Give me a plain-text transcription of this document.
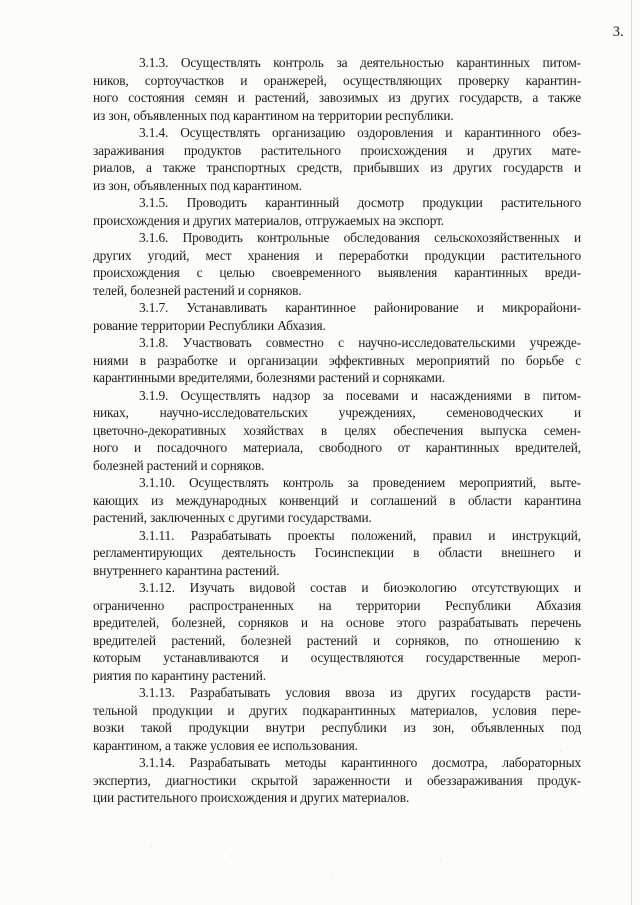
3.
3.1.3. Осуществлять контроль за деятельностью карантинных питом-
ников, сортоучастков и оранжерей, осуществляющих проверку карантин-
ного состояния семян и растений, завозимых из других государств, а также
из зон, объявленных под карантином на территории республики.
3.1.4. Осуществлять организацию оздоровления и карантинного обез-
зараживания продуктов растительного происхождения и других мате-
риалов, а также транспортных средств, прибывших из других государств и
из зон, объявленных под карантином.
3.1.5. Проводить карантинный досмотр продукции растительного
происхождения и других материалов, отгружаемых на экспорт.
3.1.6. Проводить контрольные обследования сельскохозяйственных и
других угодий, мест хранения и переработки продукции растительного
происхождения с целью своевременного выявления карантинных вреди-
телей, болезней растений и сорняков.
3.1.7. Устанавливать карантинное районирование и микрорайони-
рование территории Республики Абхазия.
3.1.8. Участвовать совместно с научно-исследовательскими учрежде-
ниями в разработке и организации эффективных мероприятий по борьбе с
карантинными вредителями, болезнями растений и сорняками.
3.1.9. Осуществлять надзор за посевами и насаждениями в питом-
никах, научно-исследовательских учреждениях, семеноводческих и
цветочно-декоративных хозяйствах в целях обеспечения выпуска семен-
ного и посадочного материала, свободного от карантинных вредителей,
болезней растений и сорняков.
3.1.10. Осуществлять контроль за проведением мероприятий, выте-
кающих из международных конвенций и соглашений в области карантина
растений, заключенных с другими государствами.
3.1.11. Разрабатывать проекты положений, правил и инструкций,
регламентирующих деятельность Госинспекции в области внешнего и
внутреннего карантина растений.
3.1.12. Изучать видовой состав и биоэкологию отсутствующих и
ограниченно распространенных на территории Республики Абхазия
вредителей, болезней, сорняков и на основе этого разрабатывать перечень
вредителей растений, болезней растений и сорняков, по отношению к
которым устанавливаются и осуществляются государственные мероп-
риятия по карантину растений.
3.1.13. Разрабатывать условия ввоза из других государств расти-
тельной продукции и других подкарантинных материалов, условия пере-
возки такой продукции внутри республики из зон, объявленных под
карантином, а также условия ее использования.
3.1.14. Разрабатывать методы карантинного досмотра, лабораторных
экспертиз, диагностики скрытой зараженности и обеззараживания продук-
ции растительного происхождения и других материалов.
